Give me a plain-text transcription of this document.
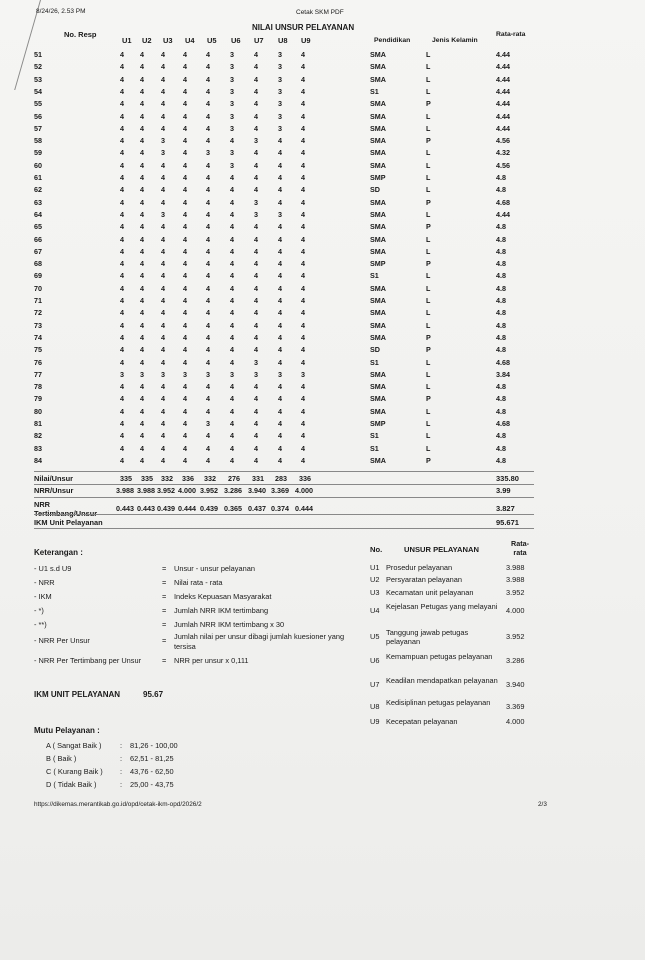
8/24/26, 2.53 PM	Cetak SKM PDF
No. Resp
NILAI UNSUR PELAYANAN
U1 U2 U3 U4 U5 U6 U7 U8 U9	Pendidikan	Jenis Kelamin
Rata-rata
51	4 4 4	4	4	3	4	3	4	SMA	L	4.44
52	4 4 4	4	4	3	4	3	4	SMA	L	4.44
53	4 4 4	4	4	3	4	3	4	SMA	L	4.44
54	4 4 4	4	4	3	4	3	4	S1	L	4.44
55	4 4 4	4	4	3	4	3	4	SMA	P	4.44
56	4 4 4	4	4	3	4	3	4	SMA	L	4.44
57	4 4 4	4	4	3	4	3	4	SMA	L	4.44
58	4 4 3	4	4	4	3	4	4	SMA	P	4.56
59	4 4 3	4	3	3	4	4	4	SMA	L	4.32
60	4 4 4	4	4	3	4	4	4	SMA	L	4.56
61	4 4 4	4	4	4	4	4	4	SMP	L	4.8
62	4 4 4	4	4	4	4	4	4	SD	L	4.8
63	4 4 4	4	4	4	3	4	4	SMA	P	4.68
64	4 4 3	4	4	4	3	3	4	SMA	L	4.44
65	4 4 4	4	4	4	4	4	4	SMA	P	4.8
66	4 4 4	4	4	4	4	4	4	SMA	L	4.8
67	4 4 4	4	4	4	4	4	4	SMA	L	4.8
68	4 4 4	4	4	4	4	4	4	SMP	P	4.8
69	4 4 4	4	4	4	4	4	4	S1	L	4.8
70	4 4 4	4	4	4	4	4	4	SMA	L	4.8
71	4 4 4	4	4	4	4	4	4	SMA	L	4.8
72	4 4 4	4	4	4	4	4	4	SMA	L	4.8
73	4 4 4	4	4	4	4	4	4	SMA	L	4.8
74	4 4 4	4	4	4	4	4	4	SMA	P	4.8
75	4 4 4	4	4	4	4	4	4	SD	P	4.8
76	4 4 4	4	4	4	3	4	4	S1	L	4.68
77	3 3 3	3	3	3	3	3	3	SMA	L	3.84
78	4 4 4	4	4	4	4	4	4	SMA	L	4.8
79	4 4 4	4	4	4	4	4	4	SMA	P	4.8
80	4 4 4	4	4	4	4	4	4	SMA	L	4.8
81	4 4 4	4	3	4	4	4	4	SMP	L	4.68
82	4 4 4	4	4	4	4	4	4	S1	L	4.8
83	4 4 4	4	4	4	4	4	4	S1	L	4.8
84	4 4 4	4	4	4	4	4	4	SMA	P	4.8
Nilai/Unsur	335 335 332 336 332 276 331 283 336	335.80
NRR/Unsur	3.988 3.988 3.952 4.000 3.952 3.286 3.940 3.369 4.000	3.99
NRR Tertimbang/Unsur
0.443 0.443 0.439 0.444 0.439 0.365 0.437 0.374 0.444	3.827
IKM Unit Pelayanan	95.671
Keterangan :
- U1 s.d U9	= Unsur - unsur pelayanan
- NRR	= Nilai rata - rata
- IKM	= Indeks Kepuasan Masyarakat
- *)	= Jumlah NRR IKM tertimbang
- **)	= Jumlah NRR IKM tertimbang x 30
- NRR Per Unsur	= Jumlah nilai per unsur dibagi jumlah kuesioner yang tersisa
- NRR Per Tertimbang per Unsur	= NRR per unsur x 0,111
IKM UNIT PELAYANAN	95.67
No.	UNSUR PELAYANAN
Rata-rata
U1 Prosedur pelayanan	3.988
U2 Persyaratan pelayanan	3.988
U3 Kecamatan unit pelayanan	3.952
U4 Kejelasan Petugas yang melayani 4.000
U5 Tanggung jawab petugas pelayanan
3.952
U6 Kemampuan petugas pelayanan	3.286
U7 Keadilan mendapatkan pelayanan 3.940
U8 Kedisiplinan petugas pelayanan	3.369
U9 Kecepatan pelayanan	4.000
Mutu Pelayanan :
A ( Sangat Baik )	: 81,26 - 100,00
B ( Baik )	: 62,51 - 81,25
C ( Kurang Baik ) : 43,76 - 62,50
D ( Tidak Baik )	: 25,00 - 43,75
https://dikemas.merantikab.go.id/opd/cetak-ikm-opd/2026/2	2/3
